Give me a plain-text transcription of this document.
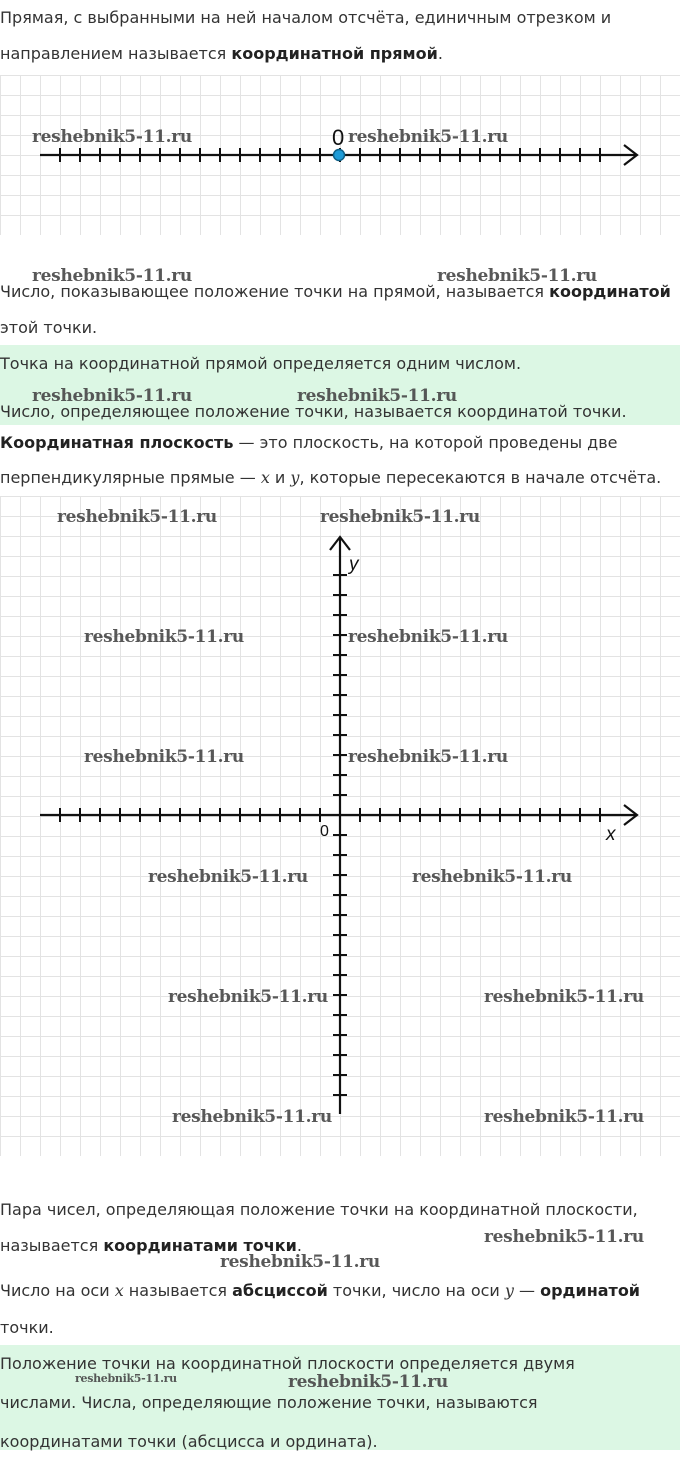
Прямая, с выбранными на ней началом отсчёта, единичным отрезком и
направлением называется координатной прямой.
0
Число, показывающее положение точки на прямой, называется координатой
этой точки.
Точка на координатной прямой определяется одним числом.
Число, определяющее положение точки, называется координатой точки.
Координатная плоскость — это плоскость, на которой проведены две
перпендикулярные прямые — x и y, которые пересекаются в начале отсчёта.
x
y
0
Пара чисел, определяющая положение точки на координатной плоскости,
называется координатами точки.
Число на оси x называется абсциссой точки, число на оси y — ординатой
точки.
Положение точки на координатной плоскости определяется двумя
числами. Числа, определяющие положение точки, называются
координатами точки (абсцисса и ордината).
reshebnik5-11.ru	reshebnik5-11.ru
reshebnik5-11.ru	reshebnik5-11.ru
reshebnik5-11.ru	reshebnik5-11.ru
reshebnik5-11.ru	reshebnik5-11.ru
reshebnik5-11.ru	reshebnik5-11.ru
reshebnik5-11.ru	reshebnik5-11.ru
reshebnik5-11.ru	reshebnik5-11.ru
reshebnik5-11.ru	reshebnik5-11.ru
reshebnik5-11.ru	reshebnik5-11.ru
reshebnik5-11.ru
reshebnik5-11.ru
reshebnik5-11.ru	reshebnik5-11.ru
